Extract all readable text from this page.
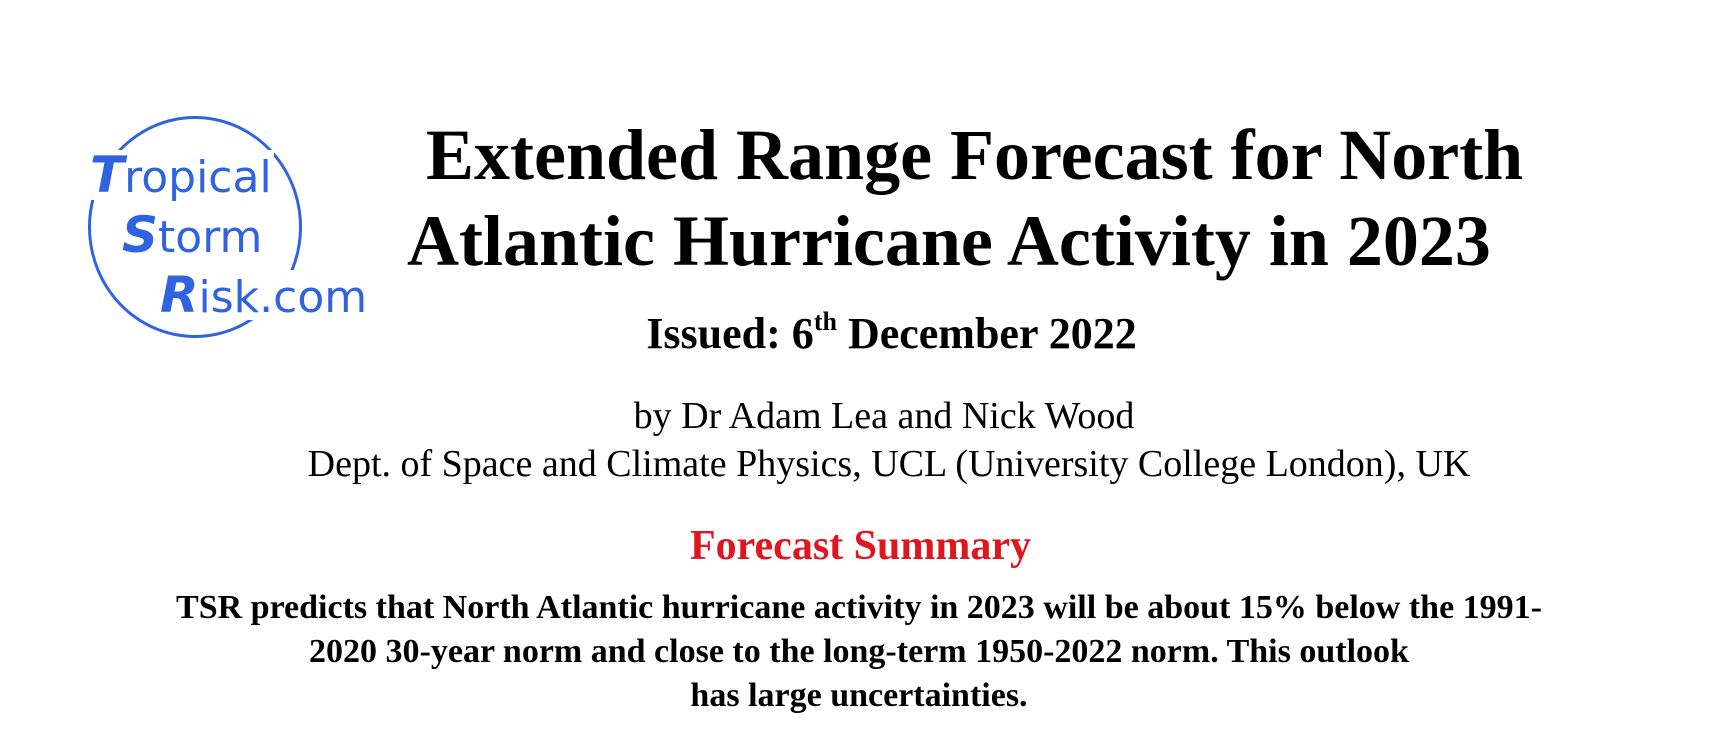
Tropical
Storm
Risk.com
Extended Range Forecast for North
Atlantic Hurricane Activity in 2023
Issued: 6th December 2022
by Dr Adam Lea and Nick Wood
Dept. of Space and Climate Physics, UCL (University College London), UK
Forecast Summary

TSR predicts that North Atlantic hurricane activity in 2023 will be about 15% below the 1991-
2020 30-year norm and close to the long-term 1950-2022 norm. This outlook
has large uncertainties.
